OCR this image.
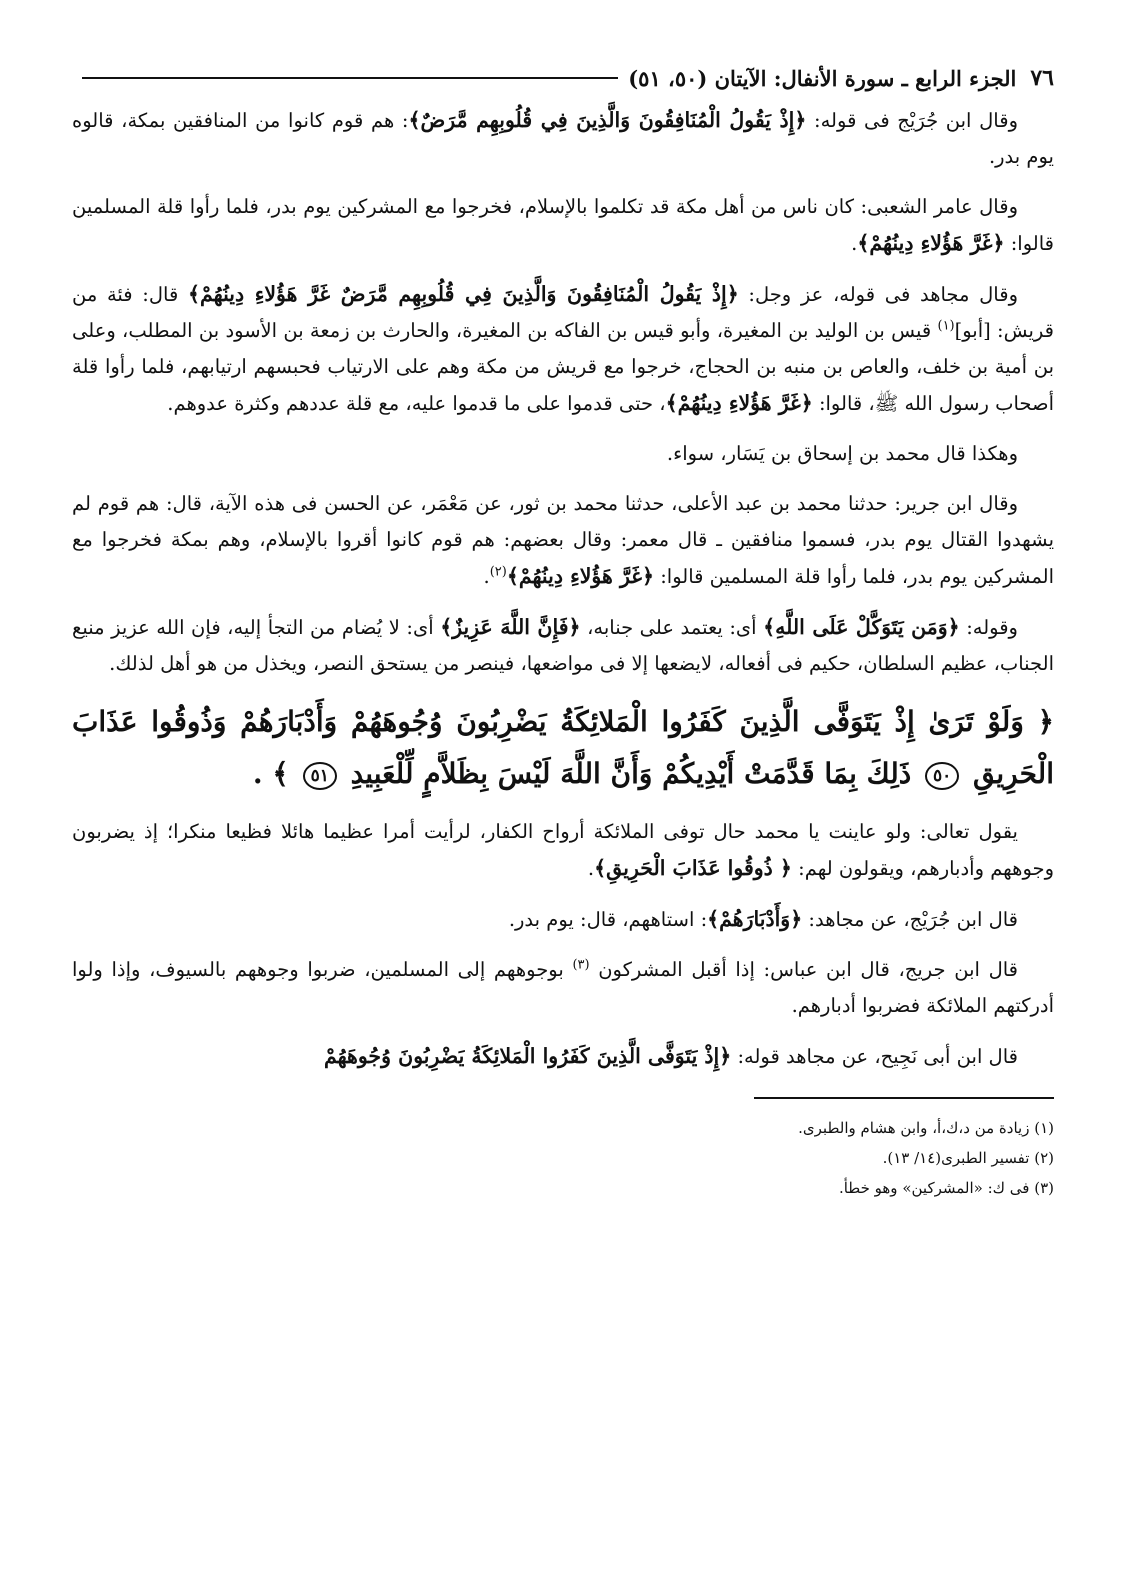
٧٦
الجزء الرابع ـ سورة الأنفال: الآيتان (٥٠، ٥١)

وقال ابن جُرَيْج فى قوله: ﴿إِذْ يَقُولُ الْمُنَافِقُونَ وَالَّذِينَ فِي قُلُوبِهِم مَّرَضٌ﴾: هم قوم كانوا من المنافقين بمكة، قالوه يوم بدر.

وقال عامر الشعبى: كان ناس من أهل مكة قد تكلموا بالإسلام، فخرجوا مع المشركين يوم بدر، فلما رأوا قلة المسلمين قالوا: ﴿غَرَّ هَؤُلاءِ دِينُهُمْ﴾.

وقال مجاهد فى قوله، عز وجل: ﴿إِذْ يَقُولُ الْمُنَافِقُونَ وَالَّذِينَ فِي قُلُوبِهِم مَّرَضٌ غَرَّ هَؤُلاءِ دِينُهُمْ﴾ قال: فئة من قريش: [أبو]$^{(١)}$ قيس بن الوليد بن المغيرة، وأبو قيس بن الفاكه بن المغيرة، والحارث بن زمعة بن الأسود بن المطلب، وعلى بن أمية بن خلف، والعاص بن منبه بن الحجاج، خرجوا مع قريش من مكة وهم على الارتياب فحبسهم ارتيابهم، فلما رأوا قلة أصحاب رسول الله ﷺ، قالوا: ﴿غَرَّ هَؤُلاءِ دِينُهُمْ﴾، حتى قدموا على ما قدموا عليه، مع قلة عددهم وكثرة عدوهم.

وهكذا قال محمد بن إسحاق بن يَسَار، سواء.

وقال ابن جرير: حدثنا محمد بن عبد الأعلى، حدثنا محمد بن ثور، عن مَعْمَر، عن الحسن فى هذه الآية، قال: هم قوم لم يشهدوا القتال يوم بدر، فسموا منافقين ـ قال معمر: وقال بعضهم: هم قوم كانوا أقروا بالإسلام، وهم بمكة فخرجوا مع المشركين يوم بدر، فلما رأوا قلة المسلمين قالوا: ﴿غَرَّ هَؤُلاءِ دِينُهُمْ﴾$^{(٢)}$.

وقوله: ﴿وَمَن يَتَوَكَّلْ عَلَى اللَّهِ﴾ أى: يعتمد على جنابه، ﴿فَإِنَّ اللَّهَ عَزِيزٌ﴾ أى: لا يُضام من التجأ إليه، فإن الله عزيز منيع الجناب، عظيم السلطان، حكيم فى أفعاله، لايضعها إلا فى مواضعها، فينصر من يستحق النصر، ويخذل من هو أهل لذلك.

﴿ وَلَوْ تَرَىٰ إِذْ يَتَوَفَّى الَّذِينَ كَفَرُوا الْمَلائِكَةُ يَضْرِبُونَ وُجُوهَهُمْ وَأَدْبَارَهُمْ وَذُوقُوا عَذَابَ الْحَرِيقِ ٥٠ ذَلِكَ بِمَا قَدَّمَتْ أَيْدِيكُمْ وَأَنَّ اللَّهَ لَيْسَ بِظَلاَّمٍ لِّلْعَبِيدِ ٥١ ﴾ .

يقول تعالى: ولو عاينت يا محمد حال توفى الملائكة أرواح الكفار، لرأيت أمرا عظيما هائلا فظيعا منكرا؛ إذ يضربون وجوههم وأدبارهم، ويقولون لهم: ﴿ ذُوقُوا عَذَابَ الْحَرِيقِ﴾.

قال ابن جُرَيْج، عن مجاهد: ﴿وَأَدْبَارَهُمْ﴾: استاههم، قال: يوم بدر.

قال ابن جريج، قال ابن عباس: إذا أقبل المشركون $^{(٣)}$ بوجوههم إلى المسلمين، ضربوا وجوههم بالسيوف، وإذا ولوا أدركتهم الملائكة فضربوا أدبارهم.

قال ابن أبى نَجِيح، عن مجاهد قوله: ﴿إِذْ يَتَوَفَّى الَّذِينَ كَفَرُوا الْمَلائِكَةُ يَضْرِبُونَ وُجُوهَهُمْ

(١) زيادة من د،ك،أ، وابن هشام والطبرى.

(٢) تفسير الطبرى(١٤/ ١٣).

(٣) فى ك: «المشركين» وهو خطأ.
